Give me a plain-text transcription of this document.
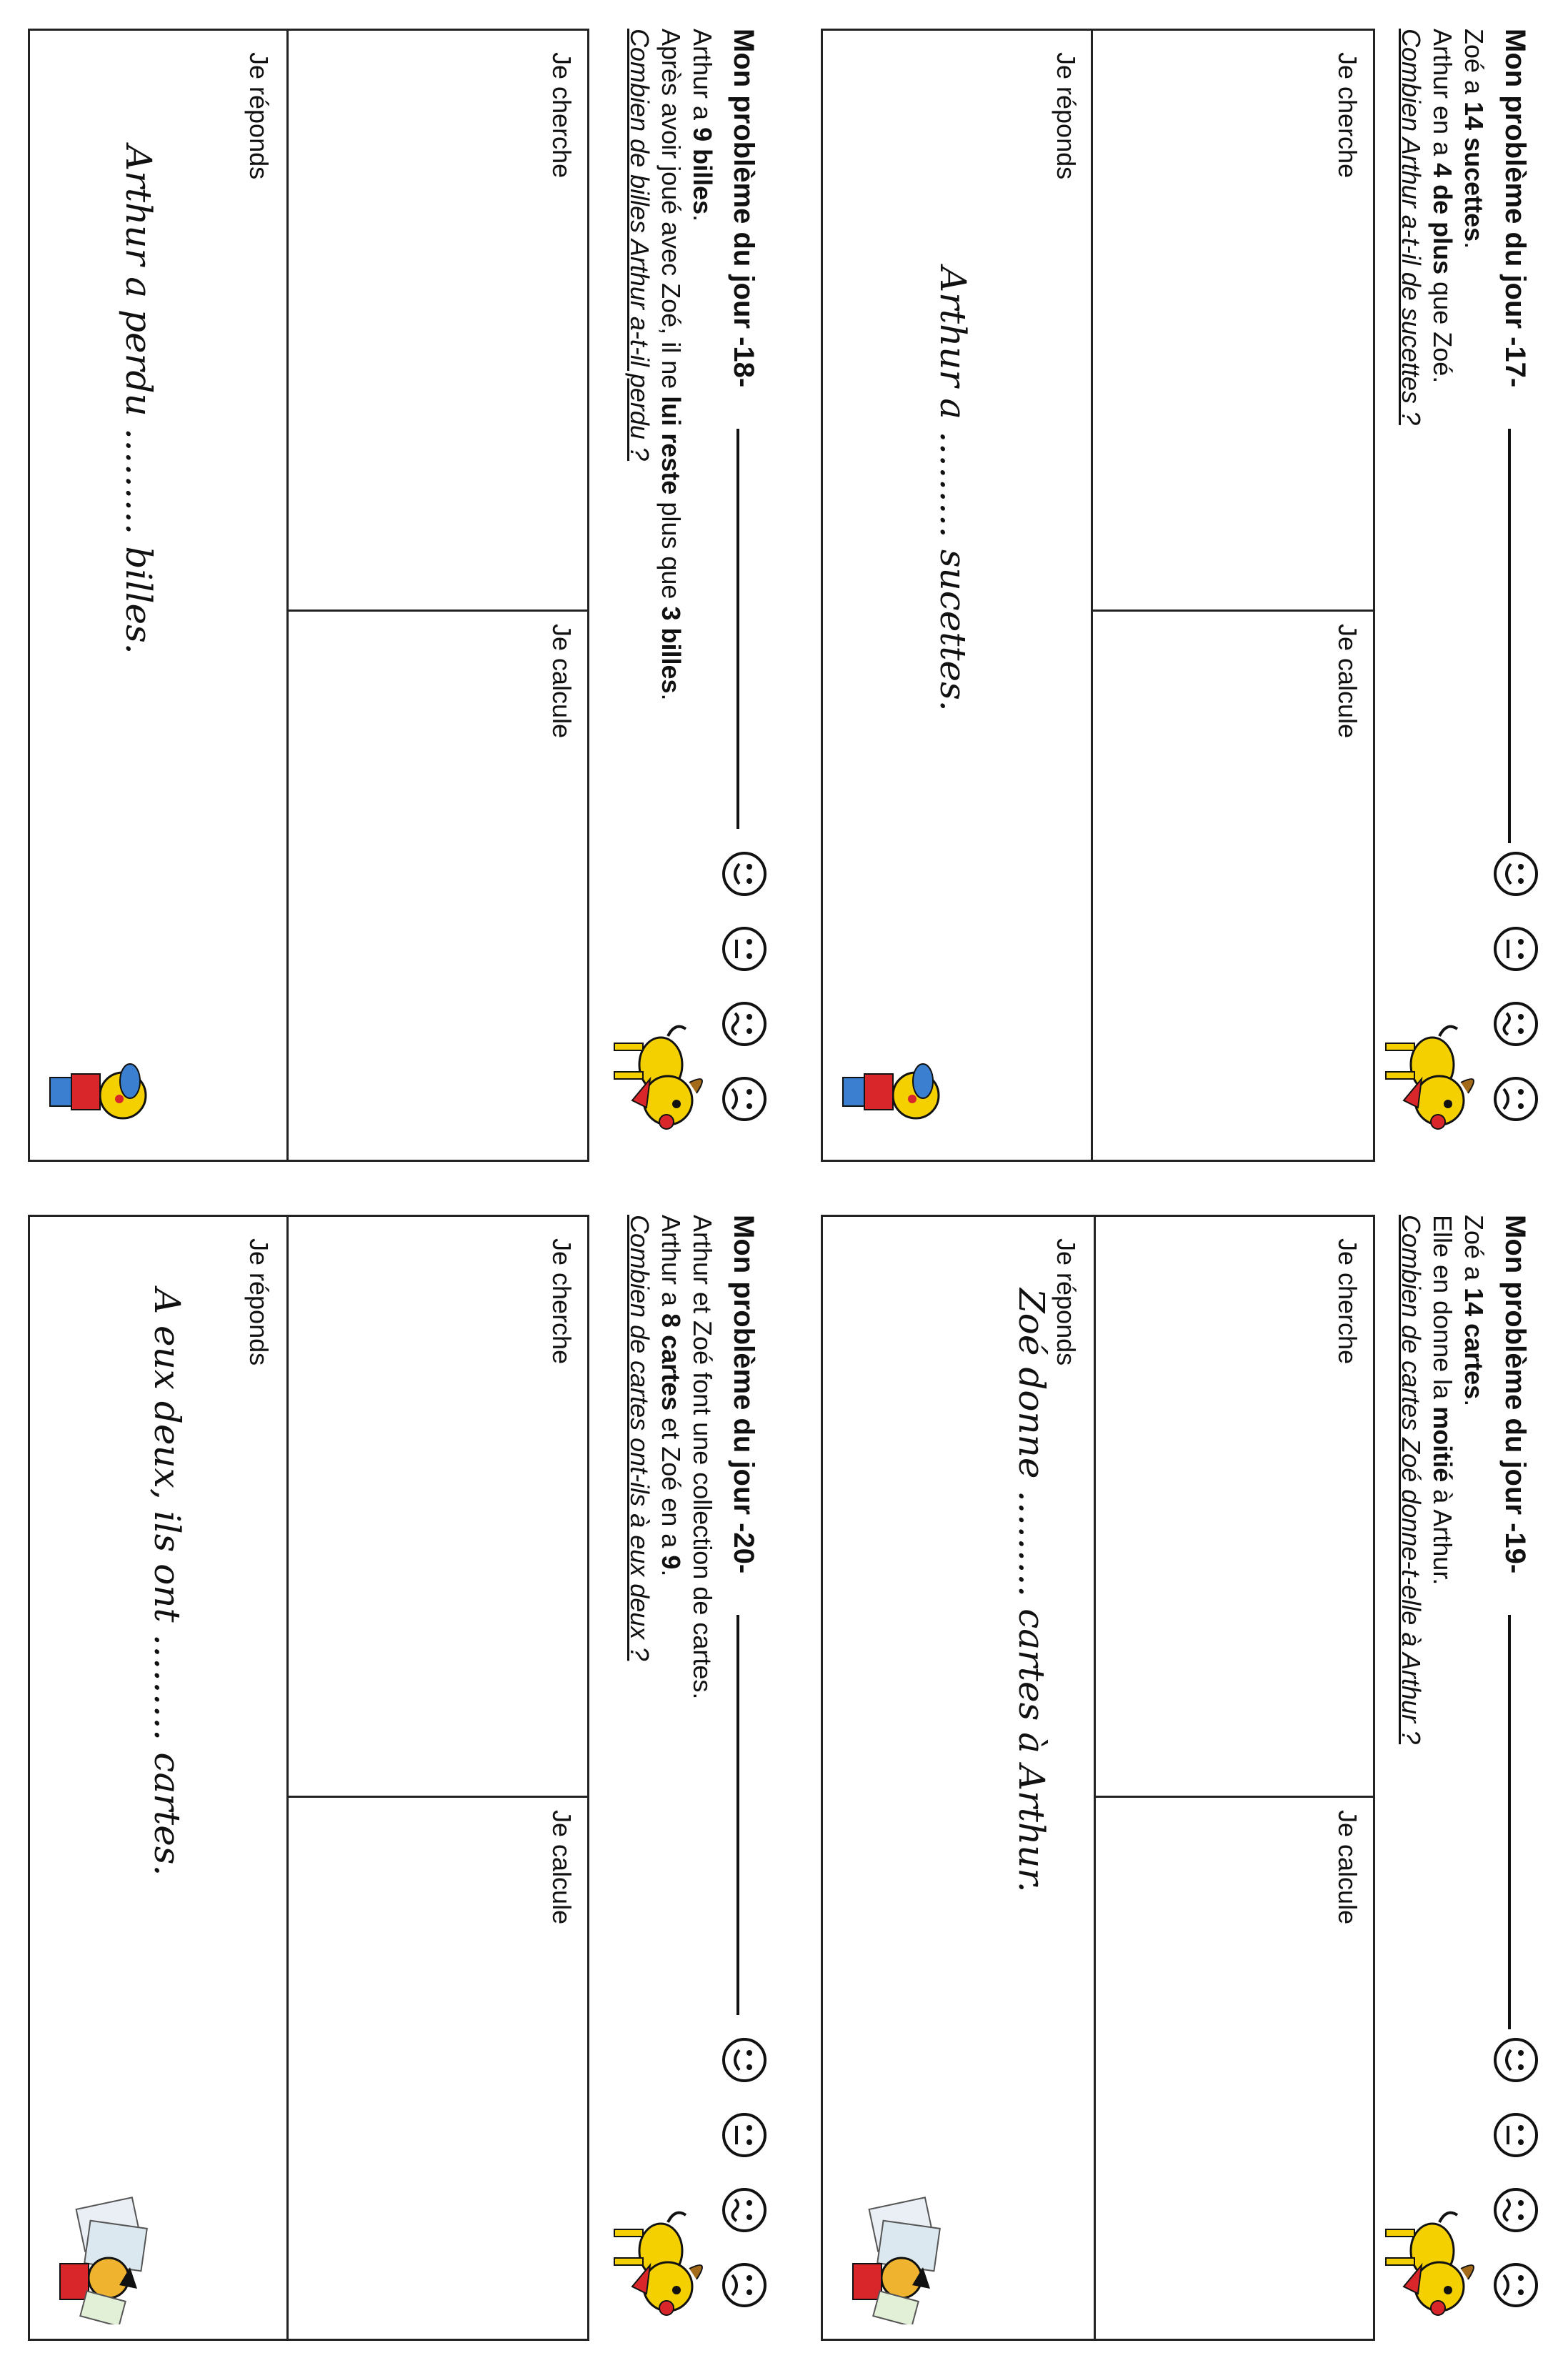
Mon problème du jour -17-

Zoé a 14 sucettes.

Arthur en a 4 de plus que Zoé.

Combien Arthur a-t-il de sucettes ?

Je cherche
Je calcule
Je réponds
Arthur a ……… sucettes.
Mon problème du jour -18-

Arthur a 9 billes.

Après avoir joué avec Zoé, il ne lui reste plus que 3 billes.

Combien de billes Arthur a-t-il perdu ?

Je cherche
Je calcule
Je réponds
Arthur a perdu ……… billes.
Mon problème du jour -19-

Zoé a 14 cartes.

Elle en donne la moitié à Arthur.

Combien de cartes Zoé donne-t-elle à Arthur ?

Je cherche
Je calcule
Je réponds
Zoé donne ……… cartes à Arthur.
Mon problème du jour -20-

Arthur et Zoé font une collection de cartes.

Arthur a 8 cartes et Zoé en a 9.

Combien de cartes ont-ils à eux deux ?

Je cherche
Je calcule
Je réponds
A eux deux, ils ont ……… cartes.
